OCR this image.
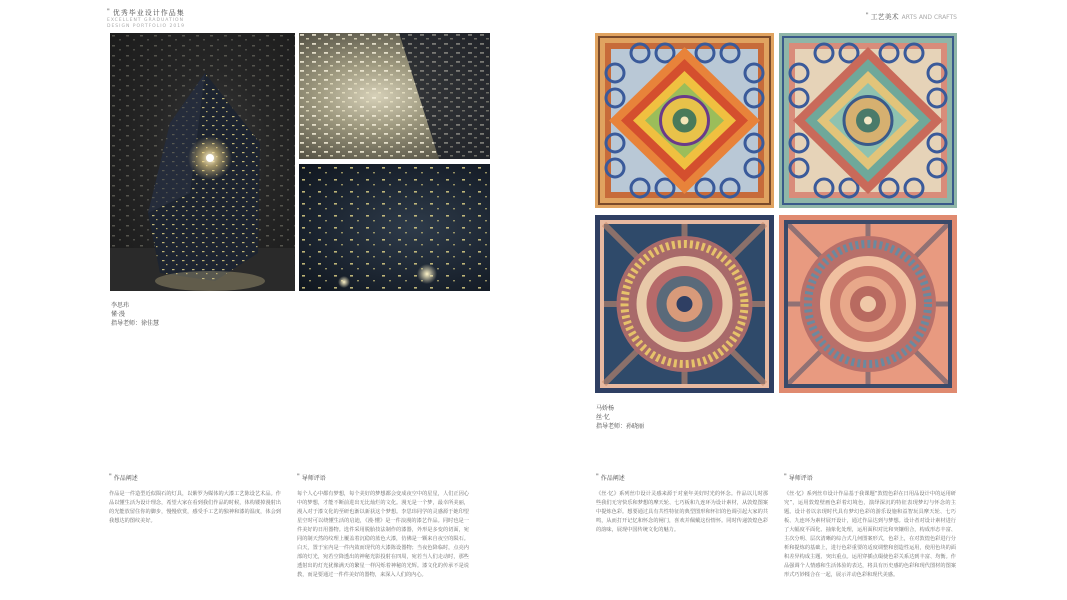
" 优秀毕业设计作品集
EXCELLENT GRADUATION
DESIGN PORTFOLIO 2019
" 工艺美术 ARTS AND CRAFTS
李思玮
懂·漫
指导老师：徐佳慧
马娇杨
丝·忆
指导老师：孙晓丽
" 作品阐述
作品是一件造型近似陨石的灯具，以紫罗为媒体的大漆工艺陈设艺术品。作品以懂生活为设计理念，希望大家在看到我们作品的时候，体构镂掉漫射出的光能放留住你的脚步，慢慢欣赏，感受手工艺的独神和漆的温度，体会到我想达的图纹美好。
" 导师评语
每个人心中都有梦想，每个美好的梦想都会变成夜空中的星星，人们正因心中的梦想，才能不断前进出无比灿烂的文化。漫无是一个梦，最幸所美丽，漫入对于漆文化的至研也渐以新获这个梦想。李思玮同学的灵感源于她印望星空时可以绕懂生活的启迪，《漫·懂》是一件浪漫的漆艺作品。同时也是一件美好的日用器物。选件采用脱胎技法制作的漆器，外形是多变的切面，宛同的制天然的纹理上覆盖着沉稳的蓝色大漆，仿佛是一颗来自夜空的陨石。白天，置于室内是一件内敛而现代的大漆陈设器物；当夜色降临时，点亮内部的灯光，宛若空降透出的神秘光影投射在四周，宛若当人们走动时，那些透射出的灯光犹像满天的繁星一样闪烁着神秘的光辉。漆文化的传承不是说教，而是要通过一件件美好的器物，来深入人们的内心。
" 作品阐述
《丝·忆》系列丝巾设计灵感来源于对童年美好时光的怀念。作品以儿时那些我们无穷快乐和梦想的摩天轮、七巧板和九连环为设计素材，从敦煌图案中提炼色彩。想要通过具有共性特征的典型图形和怀旧的色调引起大家的共鸣，从而打开记忆和怀念的闸门，喜欢并佩戴这份情怀。同时传递敦煌色彩的韵味，展现中国传统文化的魅力。
" 导师评语
《丝·忆》系列丝巾设计作品基于我课题“敦煌色彩在日用品设计中的运用研究”，运用敦煌壁画色彩着幻境色，演绎深沉的特征表现梦幻与怀念的主题。设计者以亲现时代具有梦幻色彩的游乐设施和益智玩具摩天轮、七巧板、九连环为素材展开设计，通过作品达到与梦想。设计者对设计素材进行了大幅度平面化、抽象化处理，运用面积对比和突镶组合，构成形态丰富、主次分明、层次清晰的综合式几何图案形式，色彩上，在对敦煌色彩进行分析和提炼的基础上，进行色彩重要的适度调整和创造性运用，使用色块的面积差异构成主题、突出重点。运用穿插点缀使色彩关系达到丰富、均衡。作品强调个人情感和生活体验的表达，将具有历史感的色彩和现代图材的图案形式巧妙糅合在一起，展示并动色彩和现代美感。
